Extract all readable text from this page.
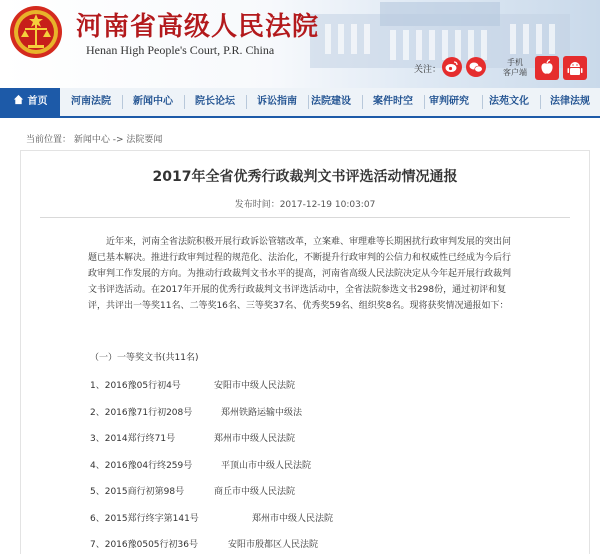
河南省高级人民法院
Henan High People's Court, P.R. China
关注：
手机
客户端
首页	河南法院	新闻中心	院长论坛	诉讼指南	法院建设	案件时空	审判研究	法苑文化	法律法规
当前位置： 新闻中心 -> 法院要闻
2017年全省优秀行政裁判文书评选活动情况通报
发布时间：2017-12-19 10:03:07
近年来，河南全省法院积极开展行政诉讼管辖改革，立案难、审理难等长期困扰行政审判发展的突出问题已基本解决。推进行政审判过程的规范化、法治化，不断提升行政审判的公信力和权威性已经成为今后行政审判工作发展的方向。为推动行政裁判文书水平的提高，河南省高级人民法院决定从今年起开展行政裁判文书评选活动。在2017年开展的优秀行政裁判文书评选活动中，全省法院参选文书298份，通过初评和复评，共评出一等奖11名、二等奖16名、三等奖37名、优秀奖59名、组织奖8名。现将获奖情况通报如下：
（一）一等奖文书(共11名)
1、2016豫05行初4号	安阳市中级人民法院
2、2016豫71行初208号	郑州铁路运输中级法
3、2014郑行终71号	郑州市中级人民法院
4、2016豫04行终259号	平顶山市中级人民法院
5、2015商行初第98号	商丘市中级人民法院
6、2015郑行终字第141号	郑州市中级人民法院
7、2016豫0505行初36号	安阳市殷都区人民法院
